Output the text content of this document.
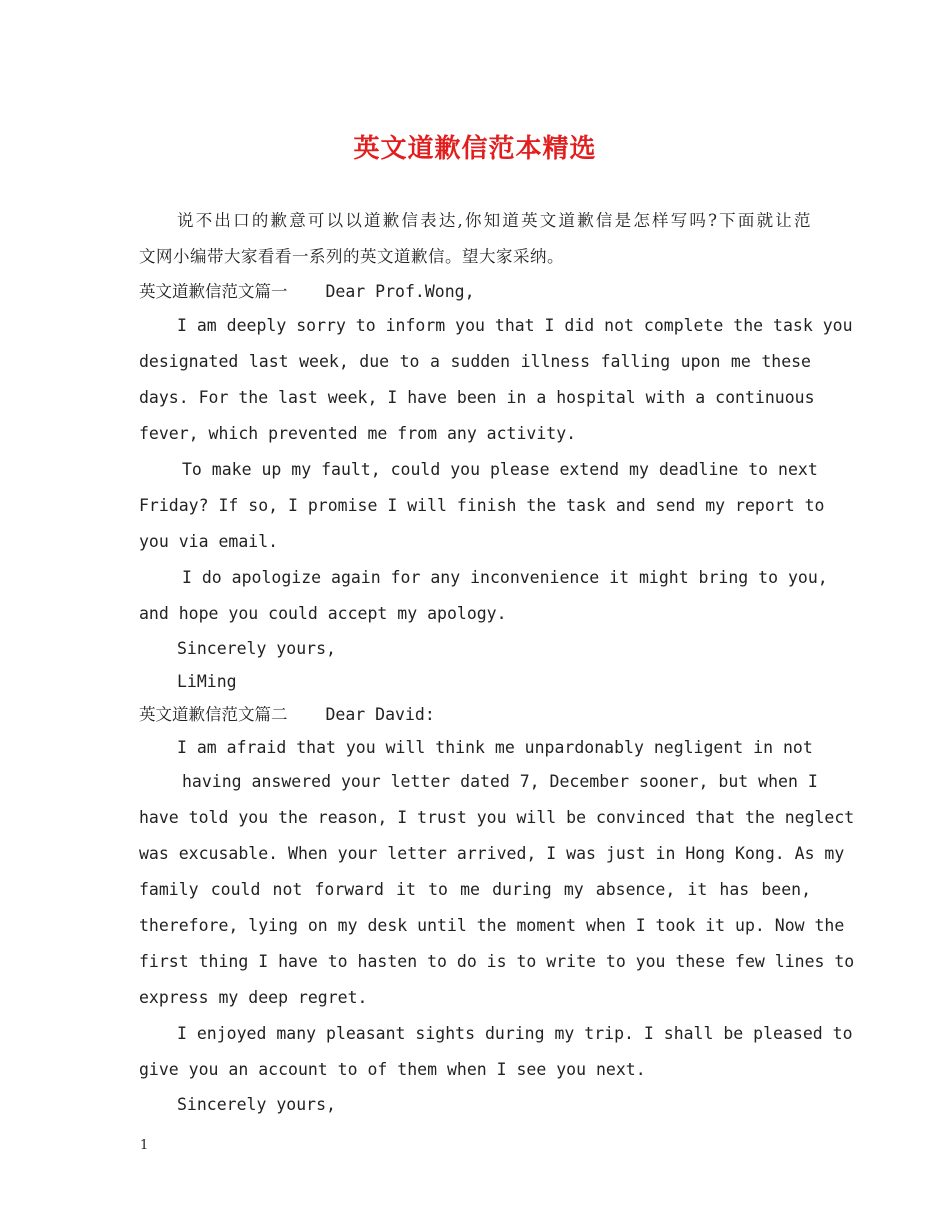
英文道歉信范本精选
说不出口的歉意可以以道歉信表达,你知道英文道歉信是怎样写吗?下面就让范
文网小编带大家看看一系列的英文道歉信。望大家采纳。
英文道歉信范文篇一 Dear Prof.Wong,
I am deeply sorry to inform you that I did not complete the task you
designated last week, due to a sudden illness falling upon me these
days. For the last week, I have been in a hospital with a continuous
fever, which prevented me from any activity.
To make up my fault, could you please extend my deadline to next
Friday? If so, I promise I will finish the task and send my report to
you via email.
I do apologize again for any inconvenience it might bring to you,
and hope you could accept my apology.
Sincerely yours,
LiMing
英文道歉信范文篇二 Dear David:
I am afraid that you will think me unpardonably negligent in not
having answered your letter dated 7, December sooner, but when I
have told you the reason, I trust you will be convinced that the neglect
was excusable. When your letter arrived, I was just in Hong Kong. As my
family could not forward it to me during my absence, it has been,
therefore, lying on my desk until the moment when I took it up. Now the
first thing I have to hasten to do is to write to you these few lines to
express my deep regret.
I enjoyed many pleasant sights during my trip. I shall be pleased to
give you an account to of them when I see you next.
Sincerely yours,
1
